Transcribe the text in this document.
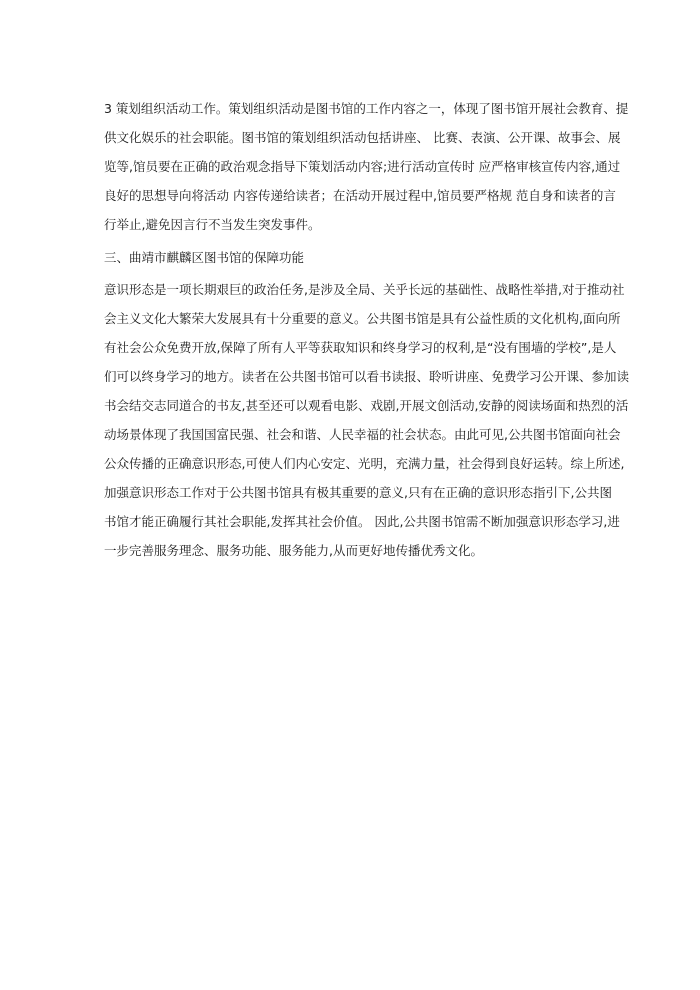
3 策划组织活动工作。策划组织活动是图书馆的工作内容之一，体现了图书馆开展社会教育、提
供文化娱乐的社会职能。图书馆的策划组织活动包括讲座、 比赛、表演、公开课、故事会、展
览等,馆员要在正确的政治观念指导下策划活动内容;进行活动宣传时 应严格审核宣传内容,通过
良好的思想导向将活动 内容传递给读者；在活动开展过程中,馆员要严格规 范自身和读者的言
行举止,避免因言行不当发生突发事件。
三、曲靖市麒麟区图书馆的保障功能
意识形态是一项长期艰巨的政治任务,是涉及全局、关乎长远的基础性、战略性举措,对于推动社
会主义文化大繁荣大发展具有十分重要的意义。公共图书馆是具有公益性质的文化机构,面向所
有社会公众免费开放,保障了所有人平等获取知识和终身学习的权利,是“没有围墙的学校”,是人
们可以终身学习的地方。读者在公共图书馆可以看书读报、聆听讲座、免费学习公开课、参加读
书会结交志同道合的书友,甚至还可以观看电影、戏剧,开展文创活动,安静的阅读场面和热烈的活
动场景体现了我国国富民强、社会和谐、人民幸福的社会状态。由此可见,公共图书馆面向社会
公众传播的正确意识形态,可使人们内心安定、光明，充满力量，社会得到良好运转。综上所述,
加强意识形态工作对于公共图书馆具有极其重要的意义,只有在正确的意识形态指引下,公共图
书馆才能正确履行其社会职能,发挥其社会价值。 因此,公共图书馆需不断加强意识形态学习,进
一步完善服务理念、服务功能、服务能力,从而更好地传播优秀文化。
